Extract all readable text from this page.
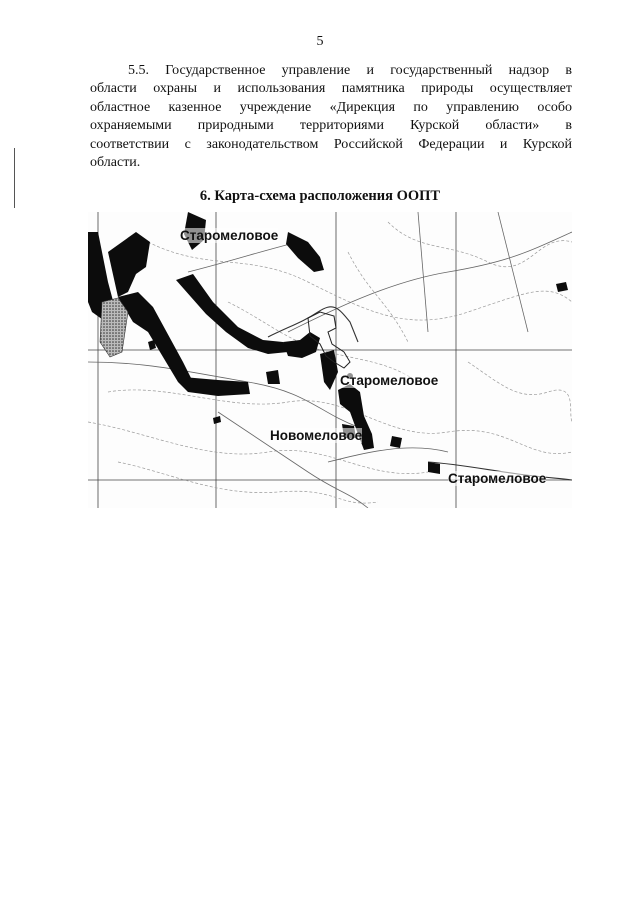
5

5.5. Государственное управление и государственный надзор в
области охраны и использования памятника природы осуществляет
областное казенное учреждение «Дирекция по управлению особо
охраняемыми природными территориями Курской области» в
соответствии с законодательством Российской Федерации и Курской
области.

6. Карта-схема расположения ООПТ
Старомеловое
Старомеловое
Новомеловое
Старомеловое
